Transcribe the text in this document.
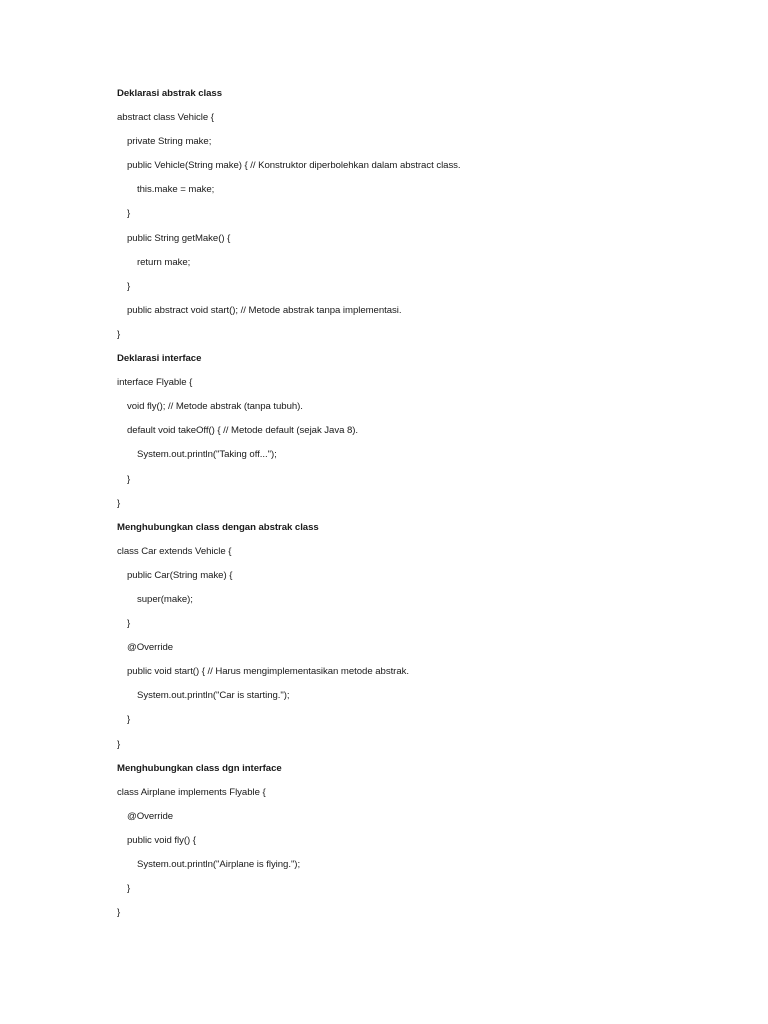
Deklarasi abstrak class
abstract class Vehicle {
private String make;
public Vehicle(String make) { // Konstruktor diperbolehkan dalam abstract class.
this.make = make;
}
public String getMake() {
return make;
}
public abstract void start(); // Metode abstrak tanpa implementasi.
}
Deklarasi interface
interface Flyable {
void fly(); // Metode abstrak (tanpa tubuh).
default void takeOff() { // Metode default (sejak Java 8).
System.out.println("Taking off...");
}
}
Menghubungkan class dengan abstrak class
class Car extends Vehicle {
public Car(String make) {
super(make);
}
@Override
public void start() { // Harus mengimplementasikan metode abstrak.
System.out.println("Car is starting.");
}
}
Menghubungkan class dgn interface
class Airplane implements Flyable {
@Override
public void fly() {
System.out.println("Airplane is flying.");
}
}
